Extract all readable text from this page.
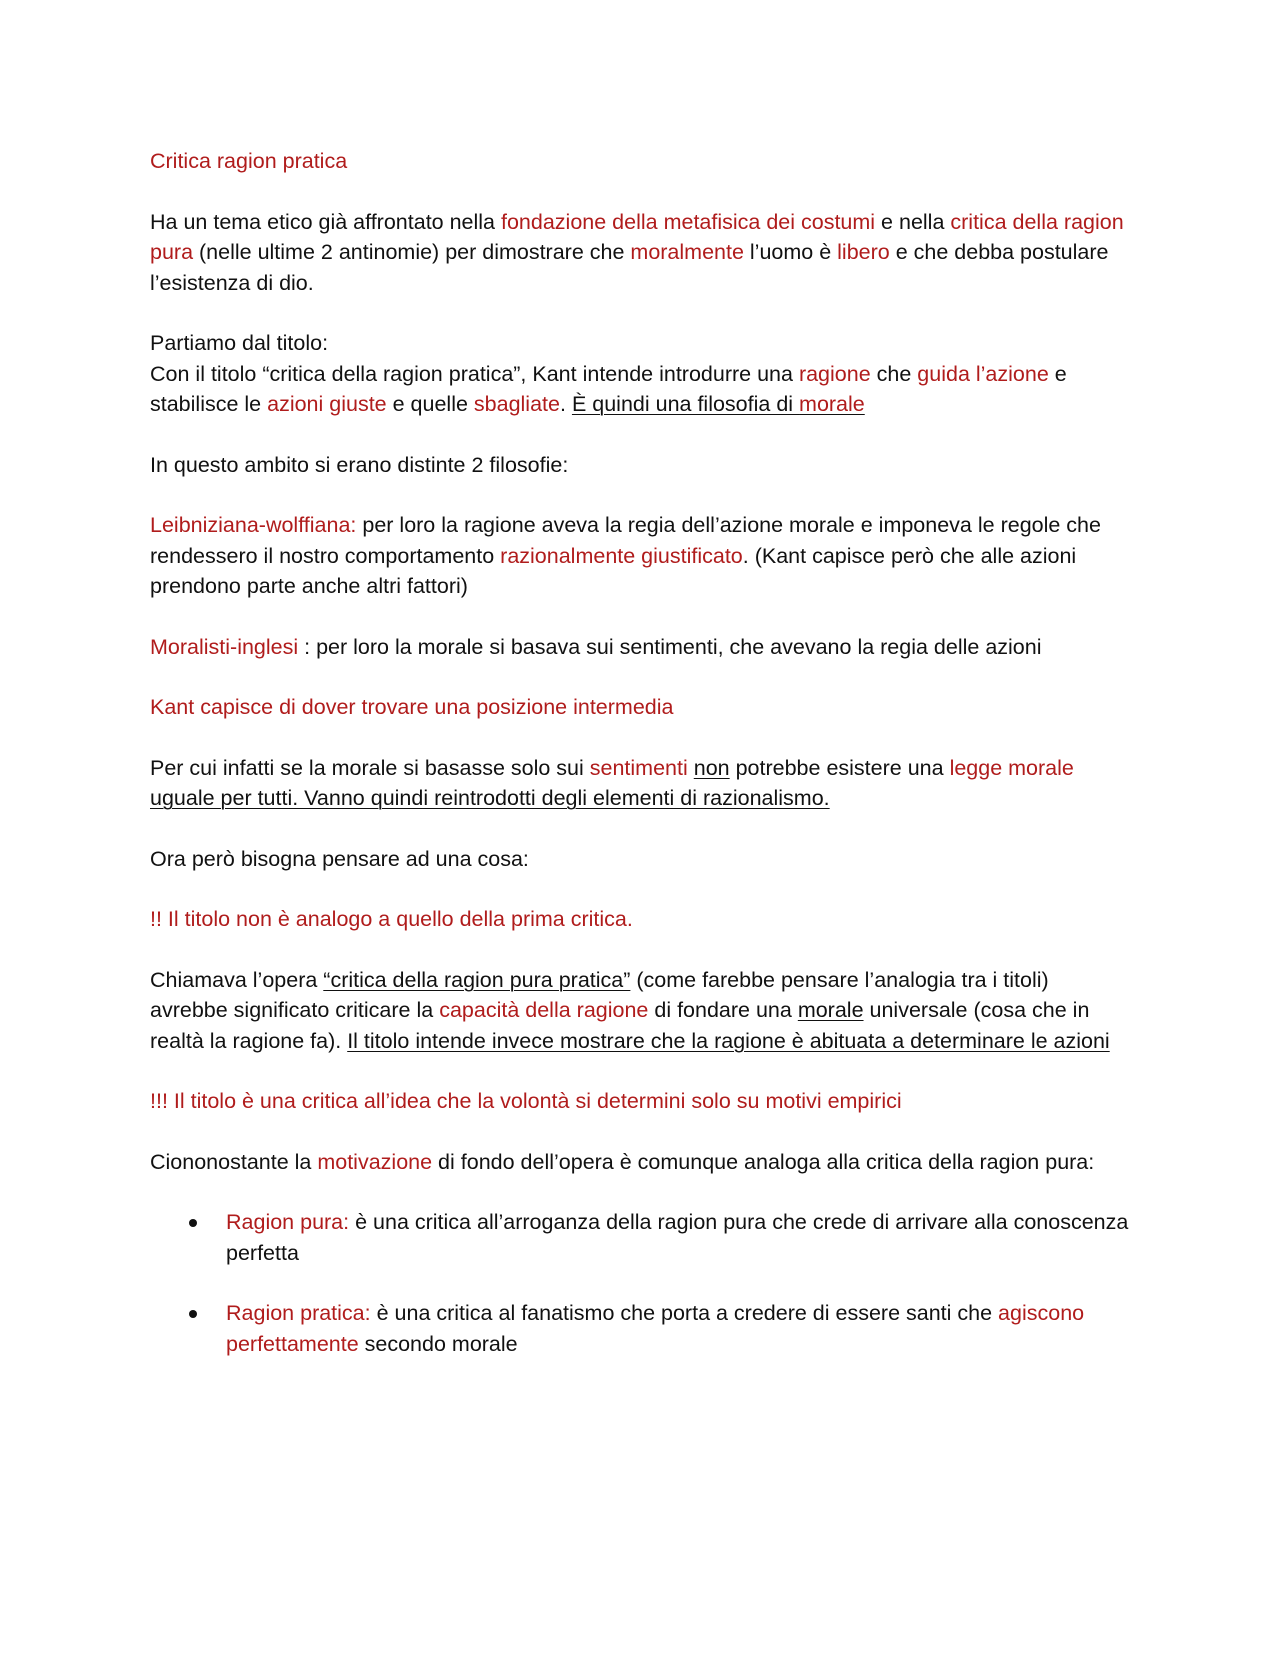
Critica ragion pratica

Ha un tema etico già affrontato nella fondazione della metafisica dei costumi e nella critica della ragion pura (nelle ultime 2 antinomie) per dimostrare che moralmente l’uomo è libero e che debba postulare l’esistenza di dio.

Partiamo dal titolo:
Con il titolo “critica della ragion pratica”, Kant intende introdurre una ragione che guida l’azione e stabilisce le azioni giuste e quelle sbagliate. È quindi una filosofia di morale

In questo ambito si erano distinte 2 filosofie:

Leibniziana-wolffiana: per loro la ragione aveva la regia dell’azione morale e imponeva le regole che rendessero il nostro comportamento razionalmente giustificato. (Kant capisce però che alle azioni prendono parte anche altri fattori)

Moralisti-inglesi : per loro la morale si basava sui sentimenti, che avevano la regia delle azioni

Kant capisce di dover trovare una posizione intermedia

Per cui infatti se la morale si basasse solo sui sentimenti non potrebbe esistere una legge morale uguale per tutti. Vanno quindi reintrodotti degli elementi di razionalismo.

Ora però bisogna pensare ad una cosa:

!! Il titolo non è analogo a quello della prima critica.

Chiamava l’opera “critica della ragion pura pratica” (come farebbe pensare l’analogia tra i titoli) avrebbe significato criticare la capacità della ragione di fondare una morale universale (cosa che in realtà la ragione fa). Il titolo intende invece mostrare che la ragione è abituata a determinare le azioni

!!! Il titolo è una critica all’idea che la volontà si determini solo su motivi empirici

Ciononostante la motivazione di fondo dell’opera è comunque analoga alla critica della ragion pura:

Ragion pura: è una critica all’arroganza della ragion pura che crede di arrivare alla conoscenza perfetta
Ragion pratica: è una critica al fanatismo che porta a credere di essere santi che agiscono perfettamente secondo morale
